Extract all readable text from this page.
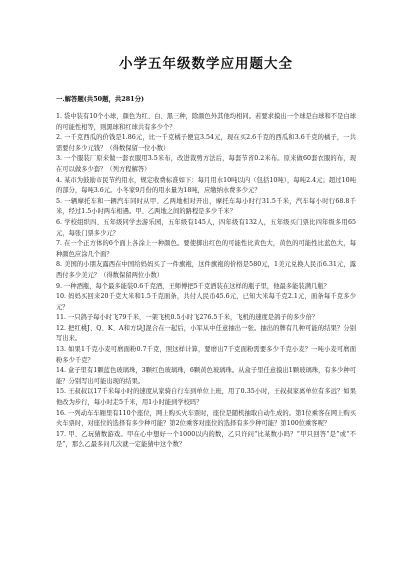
小学五年级数学应用题大全
一.解答题(共50题，共281分)

1. 袋中装有10个小球，颜色为红、白、黑三种，除颜色外其他均相同。若要求摸出一个球是白球和不是白球的可能性相等，则黑球和红球共有多少个？

2. 一千克西瓜的价钱是1.86元，比一千克橘子便宜3.54元，现在买2.6千克的西瓜和3.6千克的橘子，一共需要付多少元钱？（得数保留一位小数）

3. 一个服装厂原来做一套衣服用3.5米布，改进裁剪方法后，每套节省0.2米布。原来做60套衣服的布，现在可以做多少套？（列方程解答）

4. 某市为鼓励市民节约用水，规定收费标准如下：每月用水10吨以内（包括10吨），每吨2.4元；超过10吨的部分，每吨3.6元。小冬家9月份的用水量为18吨，应缴纳水费多少元？

5. 一辆摩托车和一辆汽车同时从甲、乙两地相对开出，摩托车每小时行31.5千米，汽车每小时行68.8千米，经过1.5小时两车相遇。甲、乙两地之间的路程是多少千米？

6. 学校组织四、五年级同学去游乐园，五年级有145人，四年级有132人，五年级买门票比四年级多用65元，每张门票多少元？

7. 在一个正方体的6个面上各涂上一种颜色。要使掷出红色的可能性比黄色大，黄色的可能性比蓝色大，每种颜色应涂几个面？

8. 美国的小朋友露西在中国给妈妈买了一件旗袍，这件旗袍的价格是580元，1美元兑换人民币6.31元，露西付多少美元？（得数保留两位小数）

9. 一种酒瓶，每个最多能装0.6千克酒，王师傅把5千克酒装在这样的瓶子里，他最多能装满几瓶？

10. 妈妈买回来20千克大米和1.5千克面条，共付人民币45.6元，已知大米每千克2.1元，面条每千克多少元？

11. 一只鸽子每小时飞79千米，一架飞机0.5小时飞276.5千米，飞机的速度是鸽子的多少倍？

12. 把红桃J、Q、K、A和方块J混合在一起后，小军从中任意抽出一张。抽出的牌有几种可能的结果？分别写出来。

13. 如果1千克小麦可磨面粉0.7千克，照这样计算，要磨出7千克面粉需要多少千克小麦？一吨小麦可磨面粉多少千克？

14. 盒子里有1颗蓝色玻璃珠，3颗红色玻璃珠，6颗黄色玻璃珠。从盒子里任意摸出1颗玻璃珠，有多少种可能？分别写出可能出现的结果。

15. 王叔叔以17千米每小时的速度从家骑自行车到单位上班，用了0.35小时，王叔叔家离单位有多远？如果他改为步行，每小时走5千米，用1小时能到学校吗？

16. 一列动车车厢里有110个座位，网上购买火车票时，座位是随机抽取自动生成的。第1位乘客在网上购买火车票时，对座位的选择有多少种可能？第2位乘客对座位的选择有多少种可能？第100位乘客呢？

17. 甲、乙玩猜数游戏。甲在心中想好一个1000以内的数，乙只许问“比某数小吗？”甲只回答“是”或“不是”，那么乙最多问几次就一定能猜中这个数？
